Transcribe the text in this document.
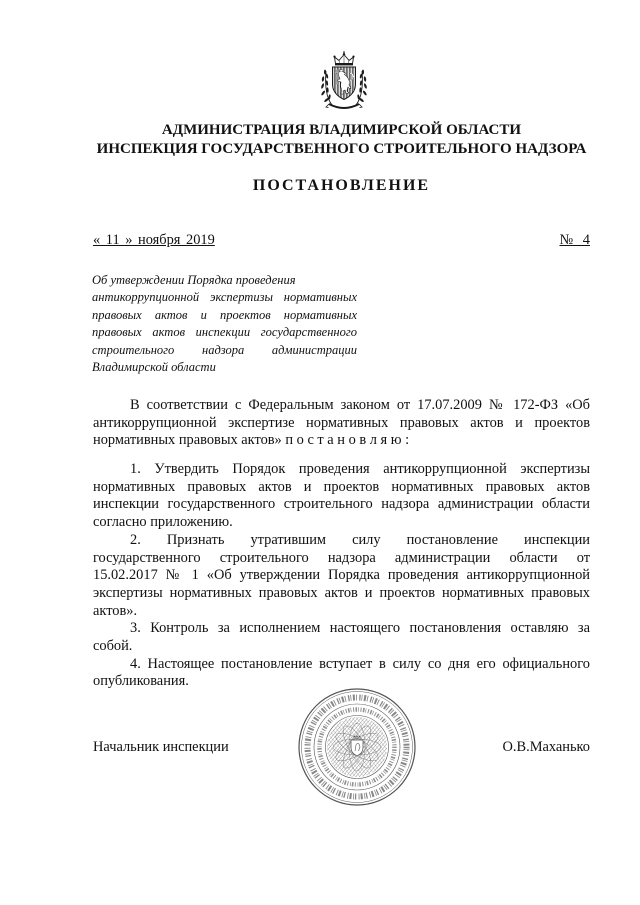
АДМИНИСТРАЦИЯ ВЛАДИМИРСКОЙ ОБЛАСТИ
ИНСПЕКЦИЯ ГОСУДАРСТВЕННОГО СТРОИТЕЛЬНОГО НАДЗОРА
ПОСТАНОВЛЕНИЕ
« 11 » ноября 2019	№ 4
Об утверждении Порядка проведения
антикоррупционной экспертизы нормативных
правовых актов и проектов нормативных
правовых актов инспекции государственного
строительного надзора администрации
Владимирской области
В соответствии с Федеральным законом от 17.07.2009 № 172-ФЗ «Об
антикоррупционной экспертизе нормативных правовых актов и проектов
нормативных правовых актов» п о с т а н о в л я ю :
1. Утвердить Порядок проведения антикоррупционной экспертизы
нормативных правовых актов и проектов нормативных правовых актов
инспекции государственного строительного надзора администрации области
согласно приложению.
2. Признать утратившим силу постановление инспекции
государственного строительного надзора администрации области от
15.02.2017 № 1 «Об утверждении Порядка проведения антикоррупционной
экспертизы нормативных правовых актов и проектов нормативных правовых
актов».
3. Контроль за исполнением настоящего постановления оставляю за
собой.
4. Настоящее постановление вступает в силу со дня его официального
опубликования.
Начальник инспекции	О.В.Маханько
